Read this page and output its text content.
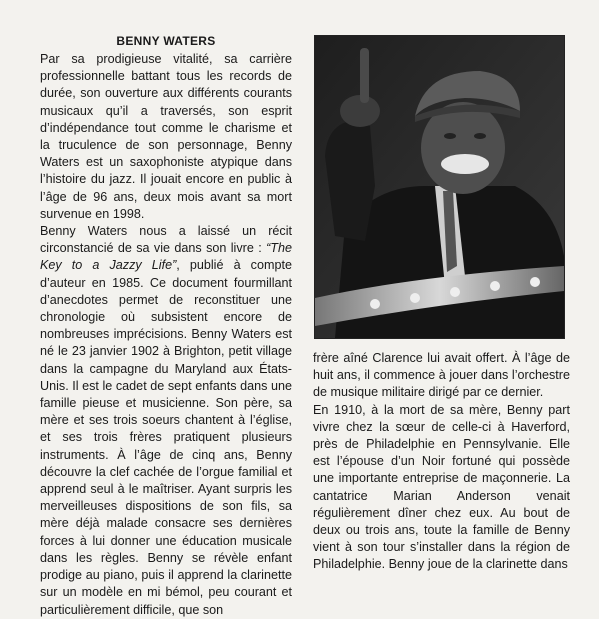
BENNY WATERS

Par sa prodigieuse vitalité, sa carrière professionnelle battant tous les records de durée, son ouverture aux différents courants musicaux qu’il a traversés, son esprit d’indépendance tout comme le charisme et la truculence de son personnage, Benny Waters est un saxophoniste atypique dans l’histoire du jazz. Il jouait encore en public à l’âge de 96 ans, deux mois avant sa mort survenue en 1998.

Benny Waters nous a laissé un récit circonstancié de sa vie dans son livre : “The Key to a Jazzy Life”, publié à compte d’auteur en 1985. Ce document fourmillant d’anecdotes permet de reconstituer une chronologie où subsistent encore de nombreuses imprécisions. Benny Waters est né le 23 janvier 1902 à Brighton, petit village dans la campagne du Maryland aux États-Unis. Il est le cadet de sept enfants dans une famille pieuse et musicienne. Son père, sa mère et ses trois soeurs chantent à l’église, et ses trois frères pratiquent plusieurs instruments. À l’âge de cinq ans, Benny découvre la clef cachée de l’orgue familial et apprend seul à le maîtriser. Ayant surpris les merveilleuses dispositions de son fils, sa mère déjà malade consacre ses dernières forces à lui donner une éducation musicale dans les règles. Benny se révèle enfant prodige au piano, puis il apprend la clarinette sur un modèle en mi bémol, peu courant et particulièrement difficile, que son

frère aîné Clarence lui avait offert. À l’âge de huit ans, il commence à jouer dans l’orchestre de musique militaire dirigé par ce dernier.

En 1910, à la mort de sa mère, Benny part vivre chez la sœur de celle-ci à Haverford, près de Philadelphie en Pennsylvanie. Elle est l’épouse d’un Noir fortuné qui possède une importante entreprise de maçonnerie. La cantatrice Marian Anderson venait régulièrement dîner chez eux. Au bout de deux ou trois ans, toute la famille de Benny vient à son tour s’installer dans la région de Philadelphie. Benny joue de la clarinette dans
